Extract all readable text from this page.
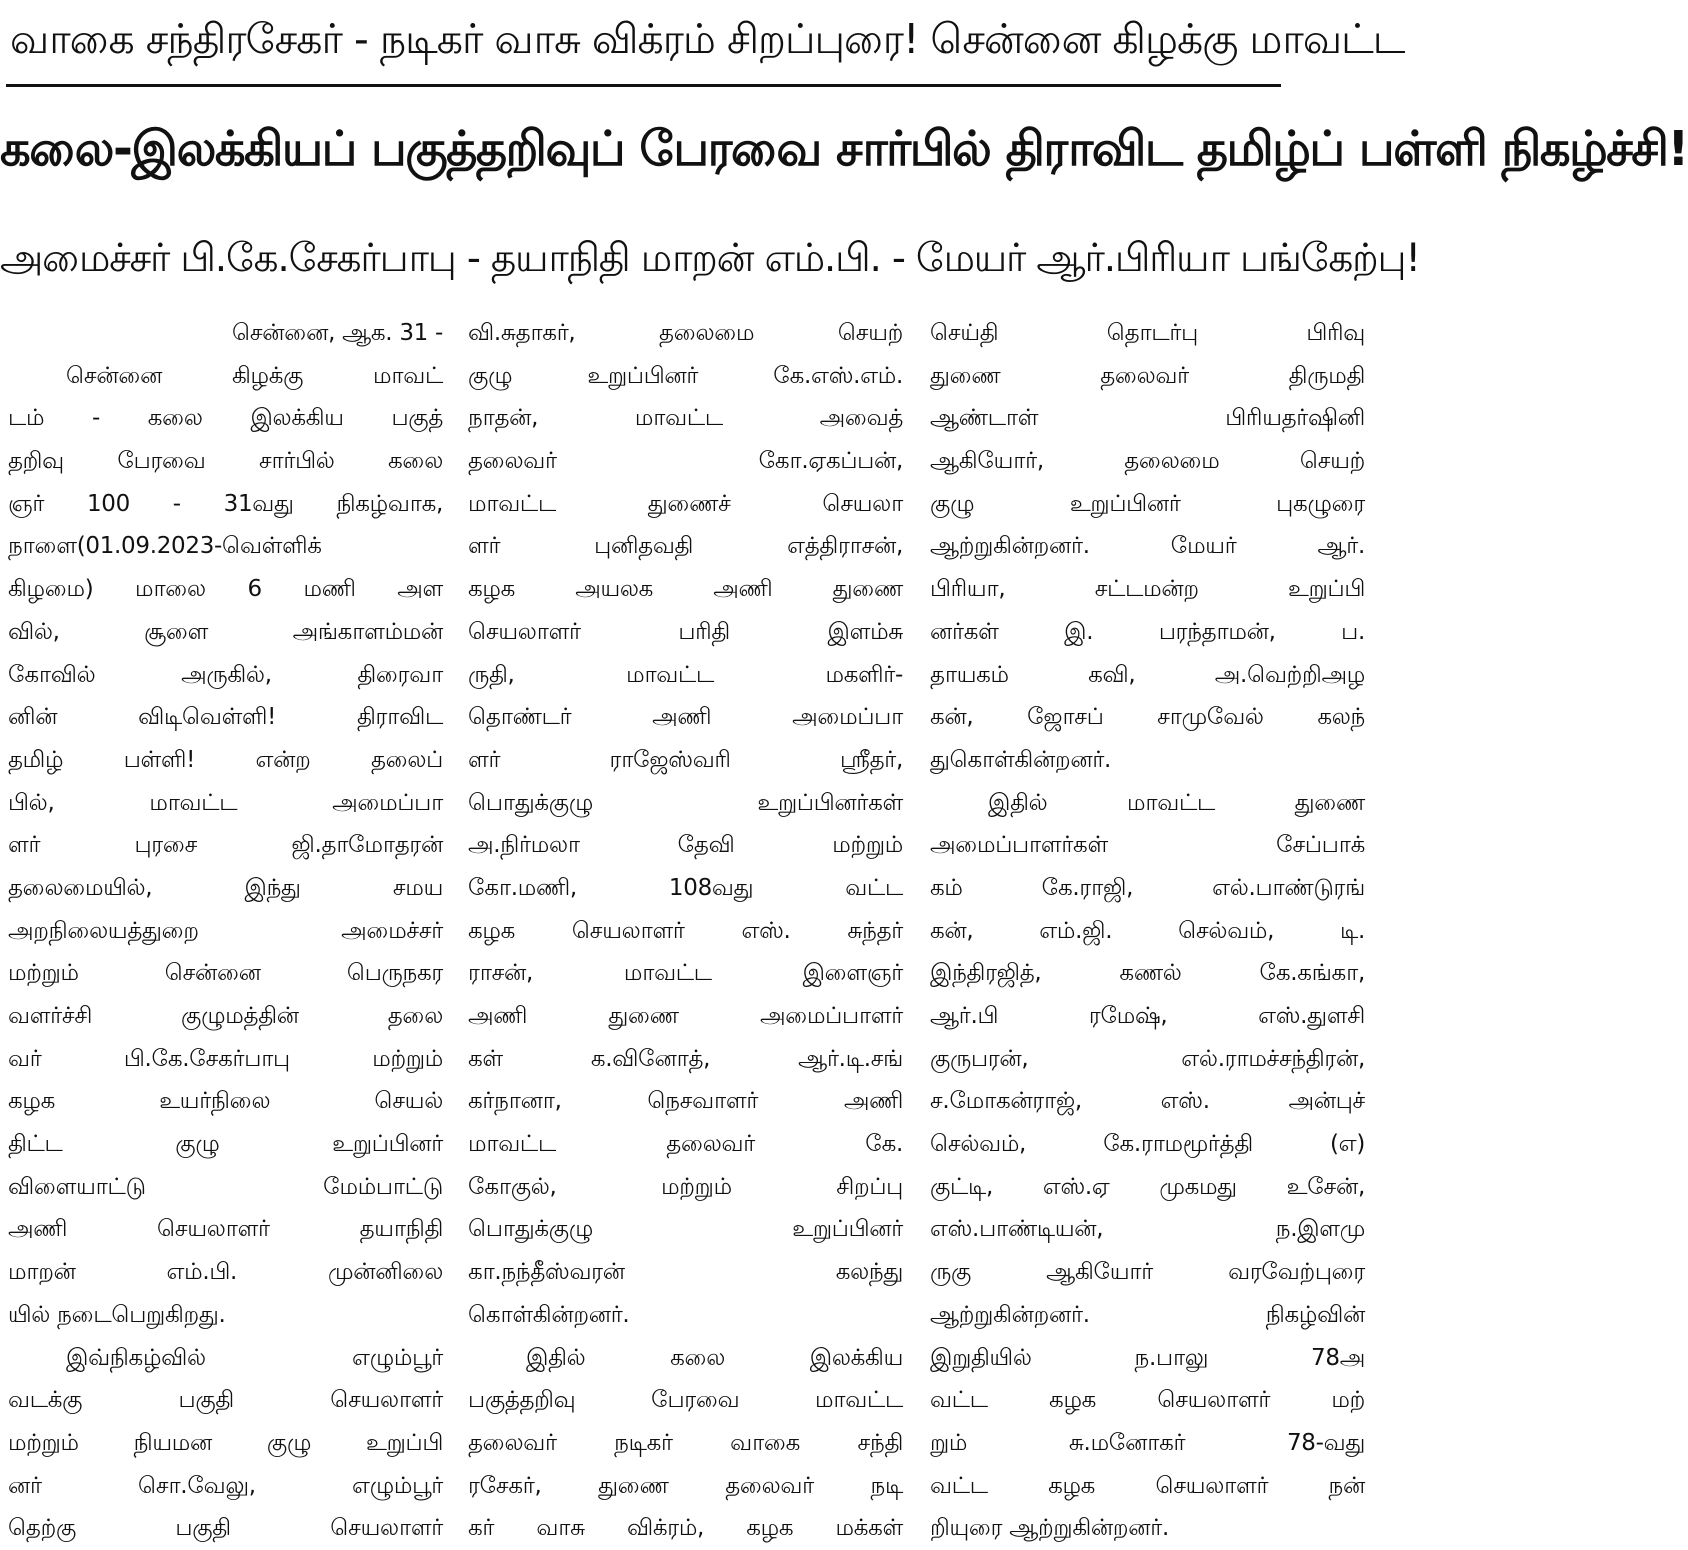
வாகை சந்திரசேகர் - நடிகர் வாசு விக்ரம் சிறப்புரை! சென்னை கிழக்கு மாவட்ட
கலை-இலக்கியப் பகுத்தறிவுப் பேரவை சார்பில் திராவிட தமிழ்ப் பள்ளி நிகழ்ச்சி!
அமைச்சர் பி.கே.சேகர்பாபு - தயாநிதி மாறன் எம்.பி. - மேயர் ஆர்.பிரியா பங்கேற்பு!
சென்னை, ஆக. 31 -
சென்னை கிழக்கு மாவட்
டம் - கலை இலக்கிய பகுத்
தறிவு பேரவை சார்பில் கலை
ஞர் 100 - 31வது நிகழ்வாக,
நாளை(01.09.2023-வெள்ளிக்
கிழமை) மாலை 6 மணி அள
வில், சூளை அங்காளம்மன்
கோவில் அருகில், திரைவா
னின் விடிவெள்ளி! திராவிட
தமிழ் பள்ளி! என்ற தலைப்
பில், மாவட்ட அமைப்பா
ளர் புரசை ஜி.தாமோதரன்
தலைமையில், இந்து சமய
அறநிலையத்துறை அமைச்சர்
மற்றும் சென்னை பெருநகர
வளர்ச்சி குழுமத்தின் தலை
வர் பி.கே.சேகர்பாபு மற்றும்
கழக உயர்நிலை செயல்
திட்ட குழு உறுப்பினர்
விளையாட்டு மேம்பாட்டு
அணி செயலாளர் தயாநிதி
மாறன் எம்.பி. முன்னிலை
யில் நடைபெறுகிறது.
இவ்நிகழ்வில் எழும்பூர்
வடக்கு பகுதி செயலாளர்
மற்றும் நியமன குழு உறுப்பி
னர் சொ.வேலு, எழும்பூர்
தெற்கு பகுதி செயலாளர்
வி.சுதாகர், தலைமை செயற்
குழு உறுப்பினர் கே.எஸ்.எம்.
நாதன், மாவட்ட அவைத்
தலைவர் கோ.ஏகப்பன்,
மாவட்ட துணைச் செயலா
ளர் புனிதவதி எத்திராசன்,
கழக அயலக அணி துணை
செயலாளர் பரிதி இளம்சு
ருதி, மாவட்ட மகளிர்-
தொண்டர் அணி அமைப்பா
ளர் ராஜேஸ்வரி ஸ்ரீதர்,
பொதுக்குழு உறுப்பினர்கள்
அ.நிர்மலா தேவி மற்றும்
கோ.மணி, 108வது வட்ட
கழக செயலாளர் எஸ். சுந்தர்
ராசன், மாவட்ட இளைஞர்
அணி துணை அமைப்பாளர்
கள் க.வினோத், ஆர்.டி.சங்
கர்நானா, நெசவாளர் அணி
மாவட்ட தலைவர் கே.
கோகுல், மற்றும் சிறப்பு
பொதுக்குழு உறுப்பினர்
கா.நந்தீஸ்வரன் கலந்து
கொள்கின்றனர்.
இதில் கலை இலக்கிய
பகுத்தறிவு பேரவை மாவட்ட
தலைவர் நடிகர் வாகை சந்தி
ரசேகர், துணை தலைவர் நடி
கர் வாசு விக்ரம், கழக மக்கள்
செய்தி தொடர்பு பிரிவு
துணை தலைவர் திருமதி
ஆண்டாள் பிரியதர்ஷினி
ஆகியோர், தலைமை செயற்
குழு உறுப்பினர் புகழுரை
ஆற்றுகின்றனர். மேயர் ஆர்.
பிரியா, சட்டமன்ற உறுப்பி
னர்கள் இ. பரந்தாமன், ப.
தாயகம் கவி, அ.வெற்றிஅழ
கன், ஜோசப் சாமுவேல் கலந்
துகொள்கின்றனர்.
இதில் மாவட்ட துணை
அமைப்பாளர்கள் சேப்பாக்
கம் கே.ராஜி, எல்.பாண்டுரங்
கன், எம்.ஜி. செல்வம், டி.
இந்திரஜித், கணல் கே.கங்கா,
ஆர்.பி ரமேஷ், எஸ்.துளசி
குருபரன், எல்.ராமச்சந்திரன்,
ச.மோகன்ராஜ், எஸ். அன்புச்
செல்வம், கே.ராமமூர்த்தி (எ)
குட்டி, எஸ்.ஏ முகமது உசேன்,
எஸ்.பாண்டியன், ந.இளமு
ருகு ஆகியோர் வரவேற்புரை
ஆற்றுகின்றனர். நிகழ்வின்
இறுதியில் ந.பாலு 78அ
வட்ட கழக செயலாளர் மற்
றும் சு.மனோகர் 78-வது
வட்ட கழக செயலாளர் நன்
றியுரை ஆற்றுகின்றனர்.
